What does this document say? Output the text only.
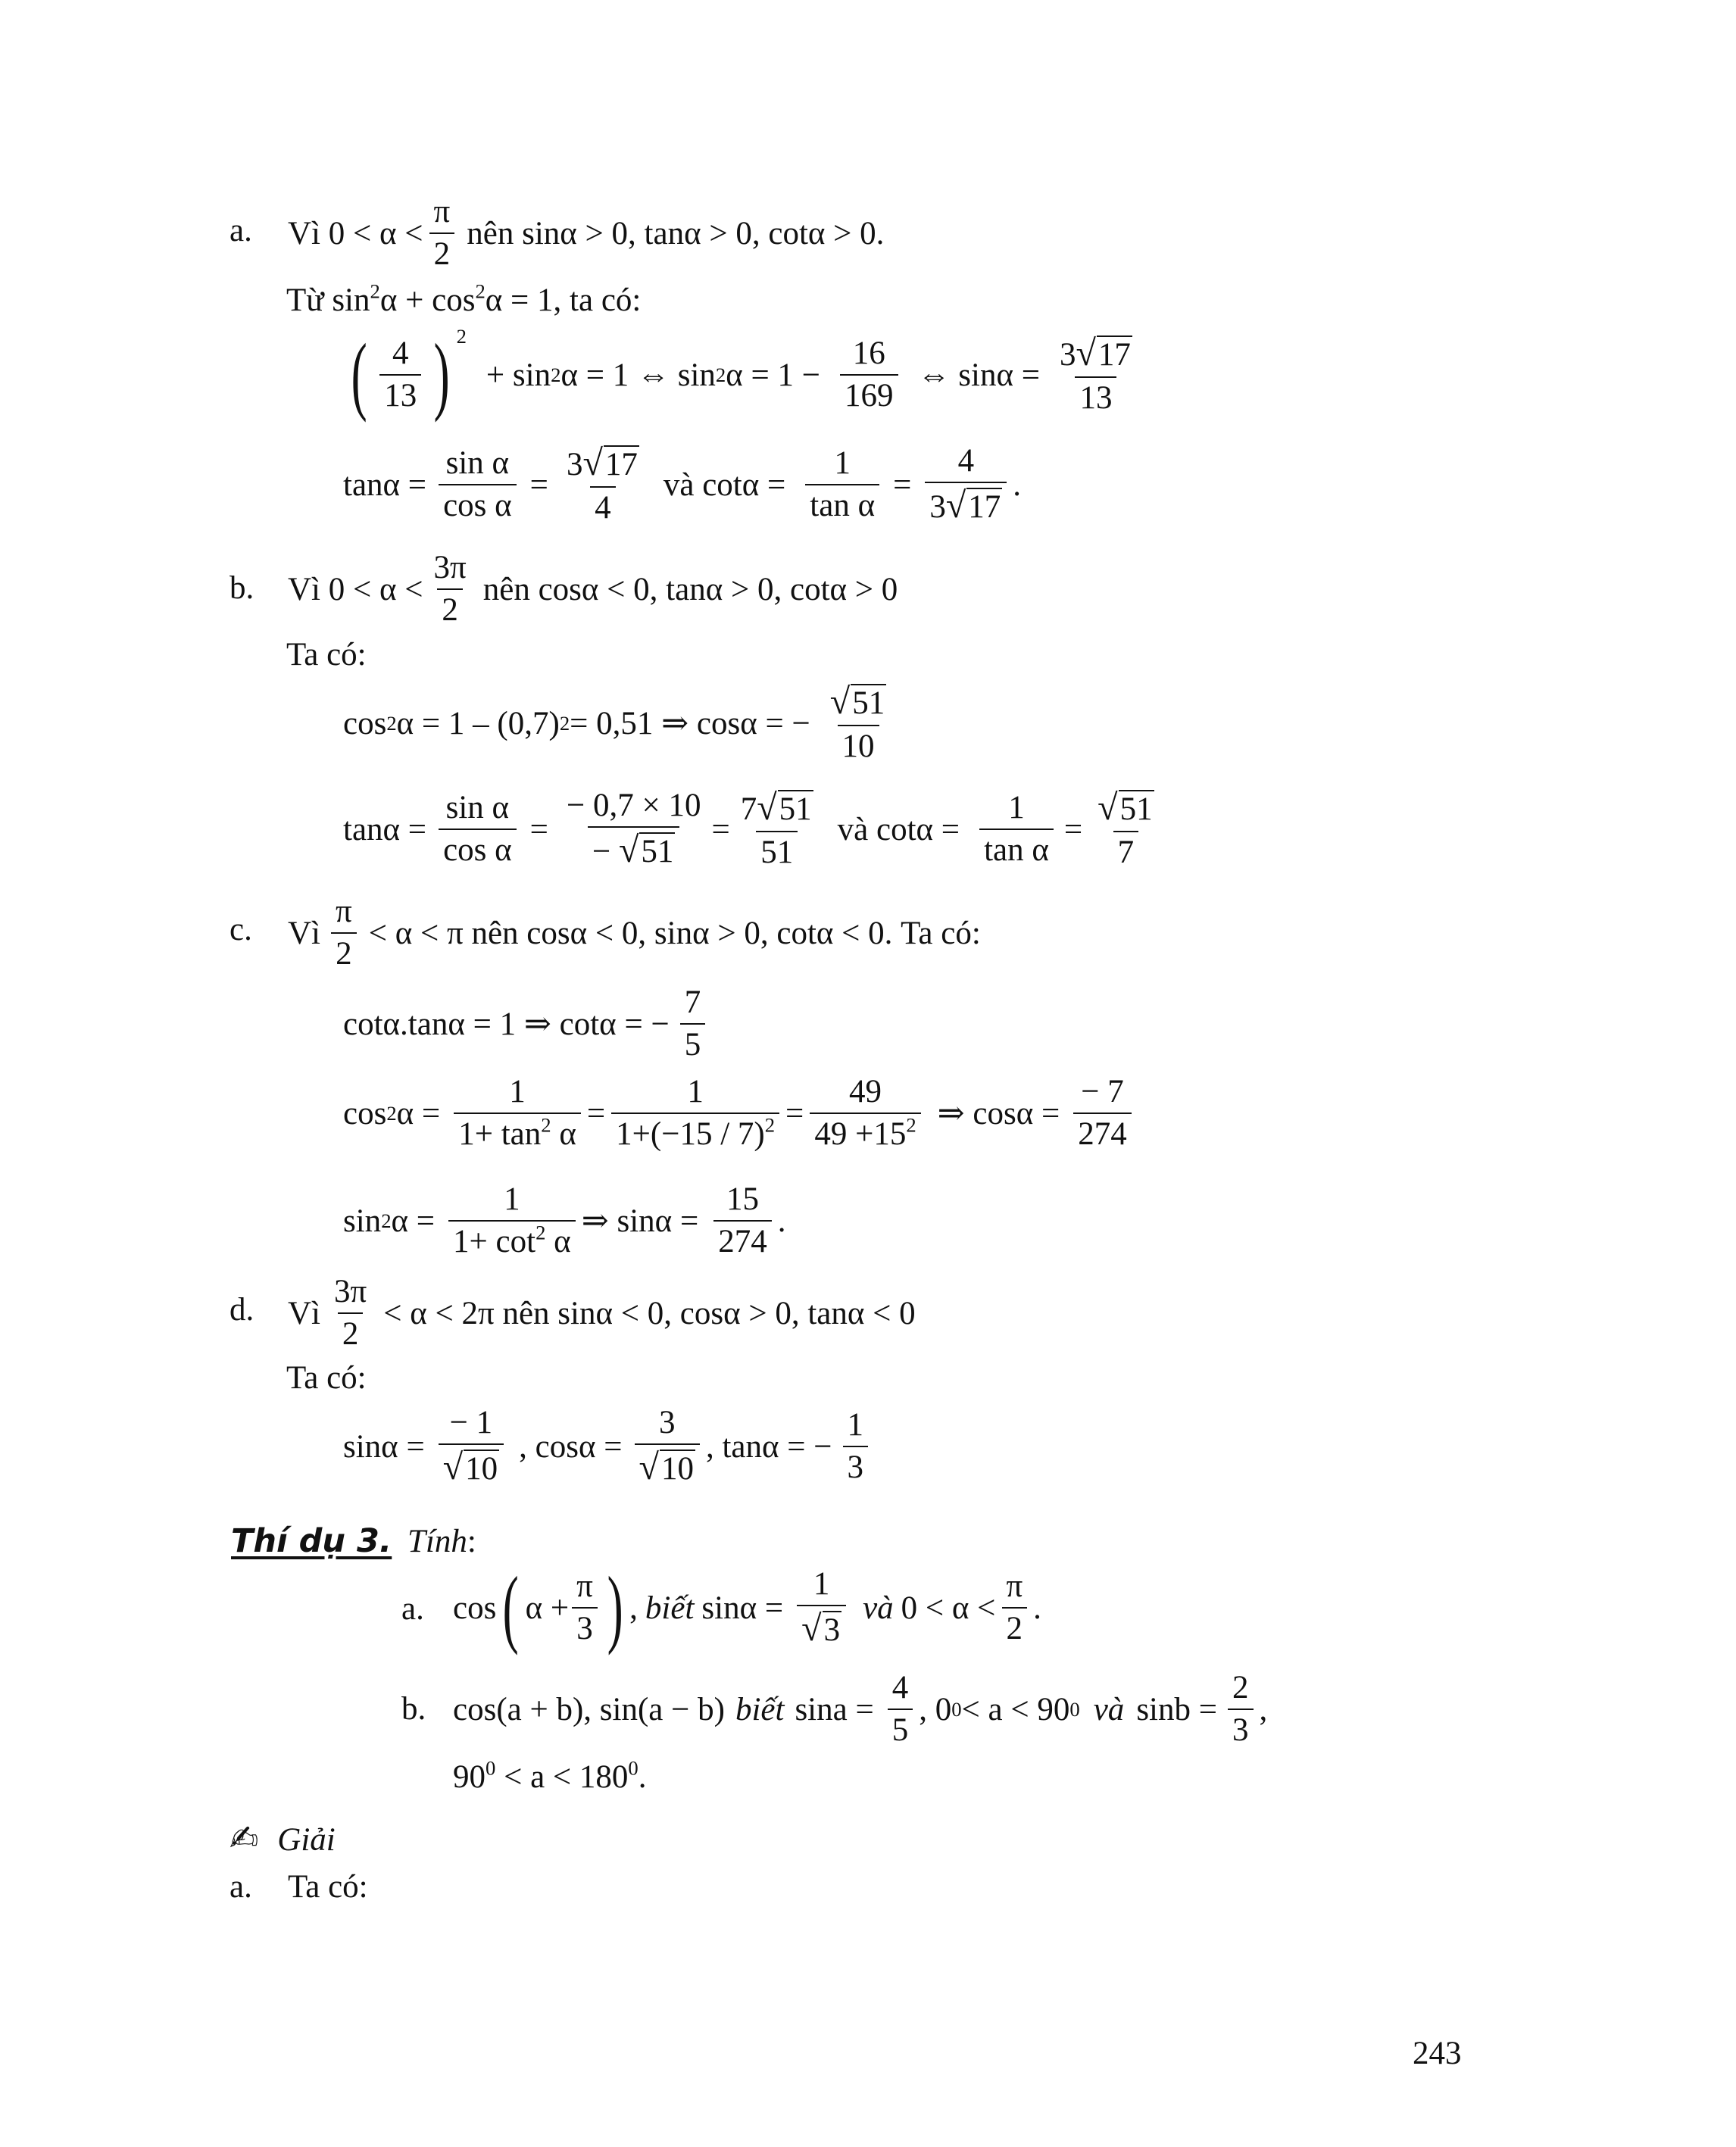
a. Vì 0 < α <
π
2
nên sinα > 0, tanα > 0, cotα > 0.
Từ $\sin^2\alpha + \cos^2\alpha = 1$, ta có:
( 4
13 ) 2
+ sin 2 α = 1 ⇔ sin 2 $\alpha = 1 - \frac{16}{169}$ ⇔ $\sin\alpha = \frac{3√17}{13}$
$\tan\alpha = \frac{\text{sin α}}{\text{cos α}} = \frac{3√17}{4}$ và $\cot\alpha = \frac{1}{\text{tan α}} = \frac{4}{3√17}$ .
b. Vì 0 < α <
3π
2
nên cosα < 0, tanα > 0, cotα > 0
Ta có:
cos 2 α = 1 – (0,7) 2 = 0,51 ⇒ cosα = − $\frac{√51}{10}$
$\tan\alpha = \frac{\text{sin α}}{\text{cos α}} = \frac{- 0,7 \times 10}{- √51} = \frac{7√51}{51}$ và $\cot\alpha = \frac{1}{\text{tan α}} = \frac{√51}{7}$
c. Vì
π
2
< α < π nên cosα < 0, sinα > 0, cotα < 0. Ta có:
cotα.tanα = 1 ⇒ cotα = − $\frac{7}{5}$
cos 2 $\alpha = \frac{1}{1+ \tan^2 \alpha} = \frac{1}{1+(-15 / 7)^2} = \frac{49}{49 +15^2}$ ⇒ $\cos\alpha = \frac{- 7}{274}$
sin 2 $\alpha = \frac{1}{1+ \cot^2 \alpha}$ ⇒ $\sin\alpha = \frac{15}{274}$ .
d. Vì
3π
2
< α < 2π nên sinα < 0, cosα > 0, tanα < 0
Ta có:
$\sin\alpha = \frac{- 1}{√10}$ , $\cos\alpha = \frac{3}{√10}$ , tanα = − $\frac{1}{3}$
Thí dụ 3. Tính:
a. cos ( $\alpha + \frac{\pi}{3}$ ) , biết $\sin\alpha = \frac{1}{√3}$ và 0 < α <
π
2
.
b. cos(a + b), sin(a − b) biết $\sin a = \frac{4}{5}$ , 0 0 < a < 90 0 và $\sin b = \frac{2}{3}$ ,
$90^0 < a < 180^0$.
✍ Giải
a. Ta có:
243
